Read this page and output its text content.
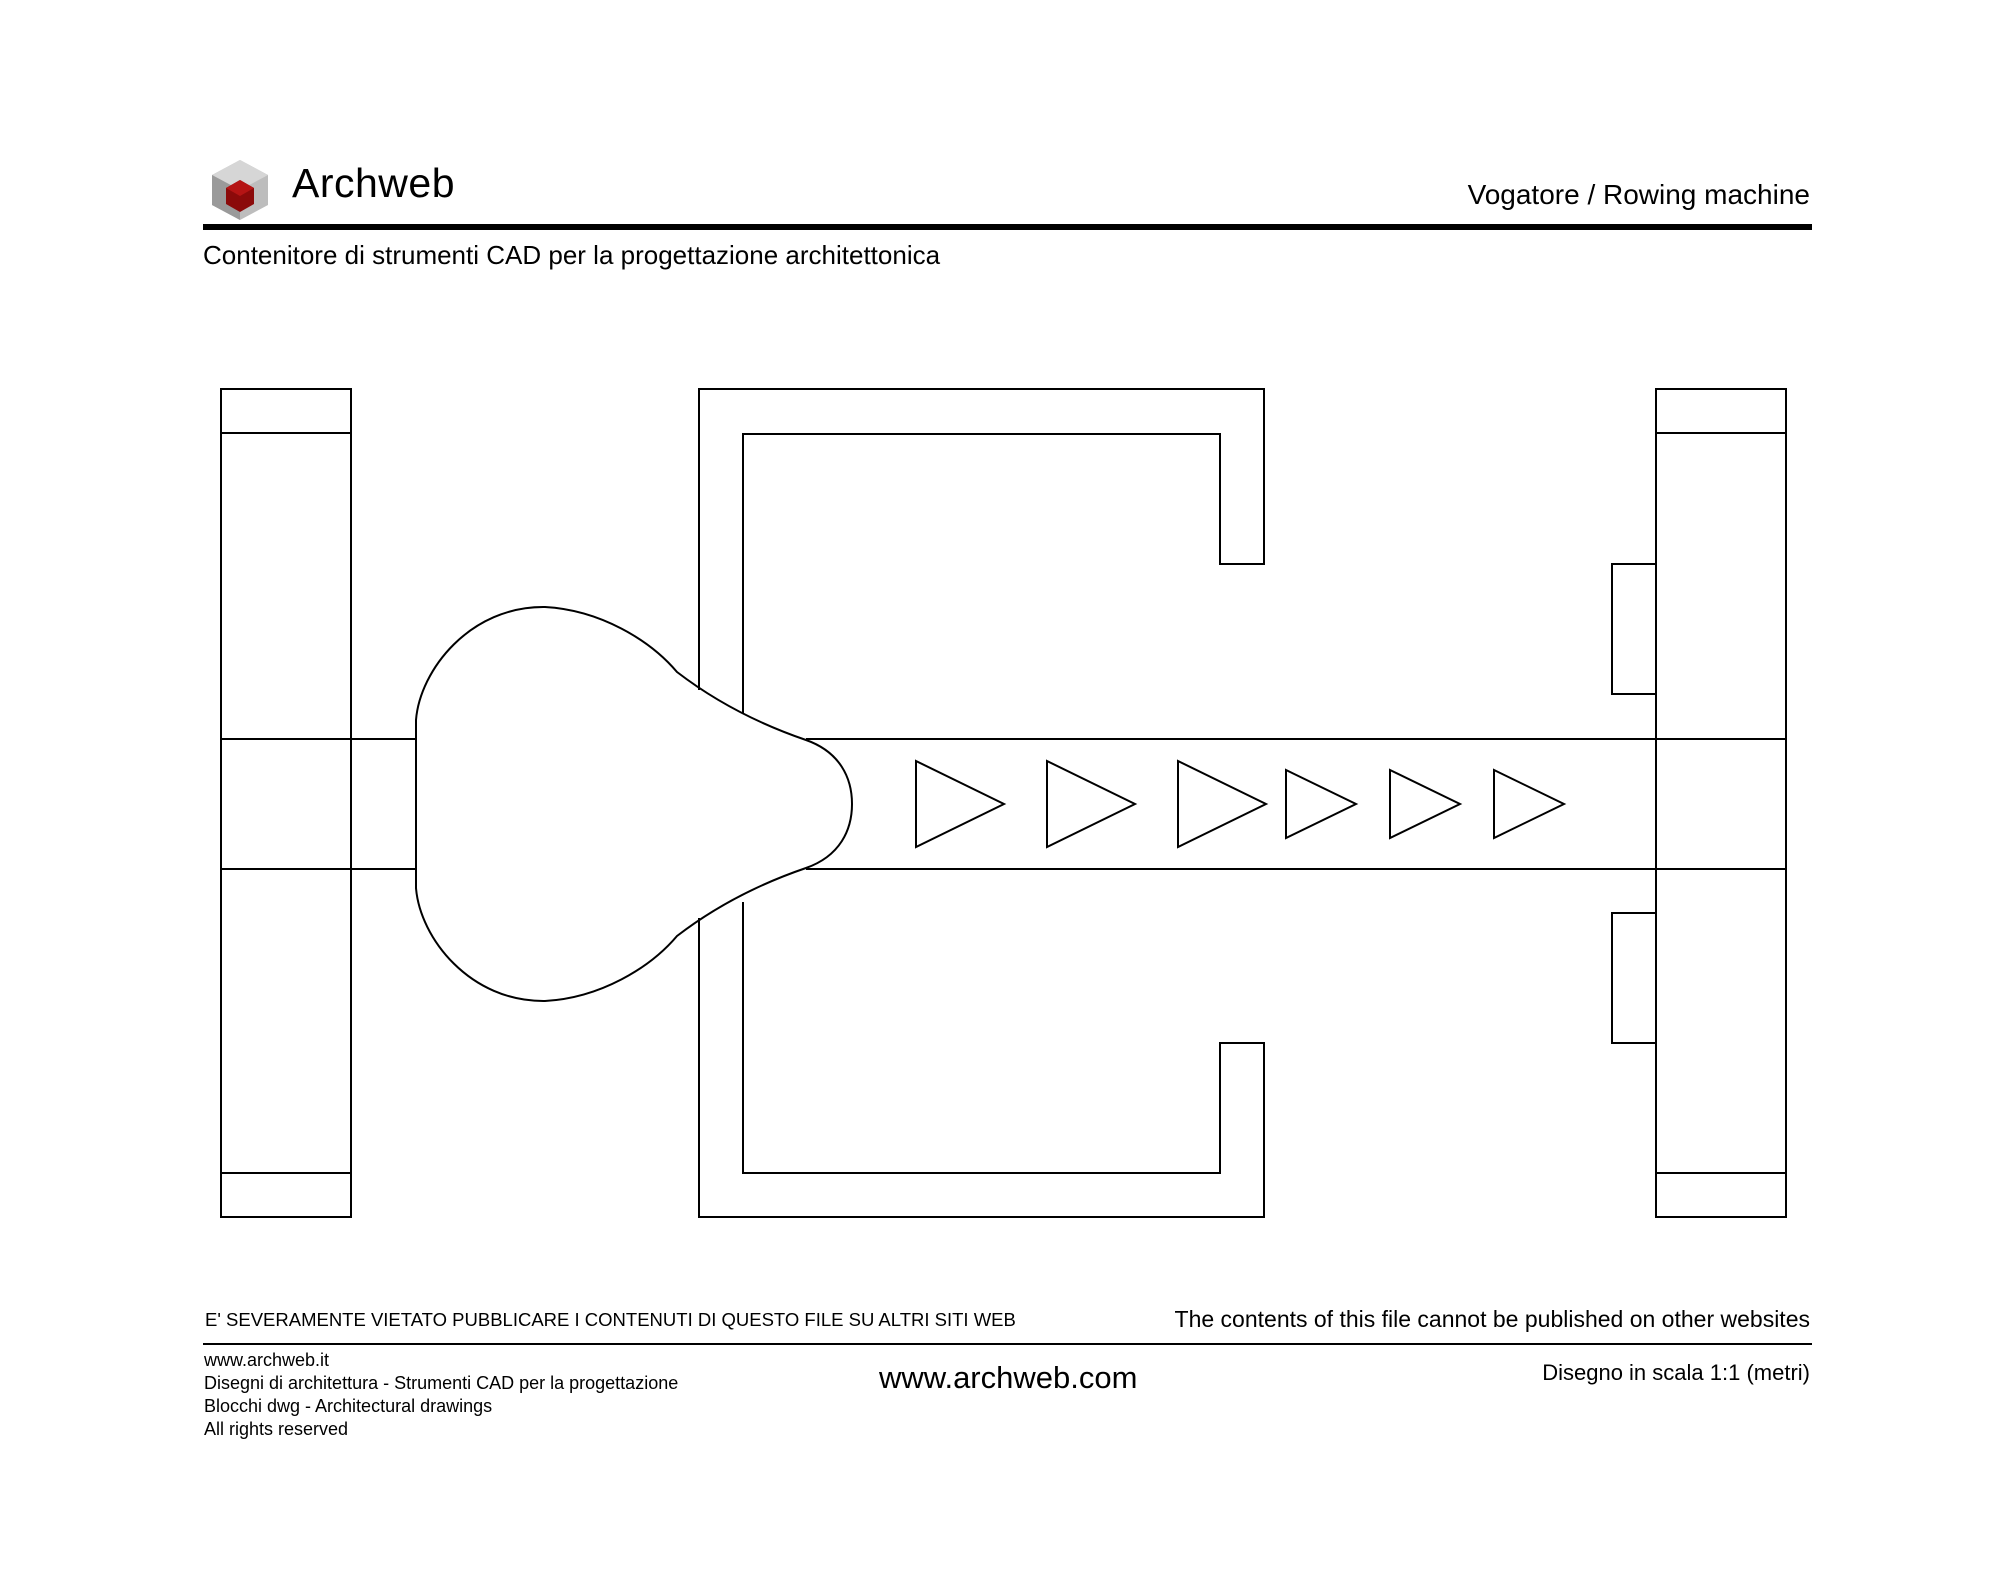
Archweb	Vogatore / Rowing machine
Contenitore di strumenti CAD per la progettazione architettonica
E' SEVERAMENTE VIETATO PUBBLICARE I CONTENUTI DI QUESTO FILE SU ALTRI SITI WEB	The contents of this file cannot be published on other websites
www.archweb.it
Disegni di architettura - Strumenti CAD per la progettazione
Blocchi dwg - Architectural drawings
All rights reserved
www.archweb.com	Disegno in scala 1:1 (metri)
